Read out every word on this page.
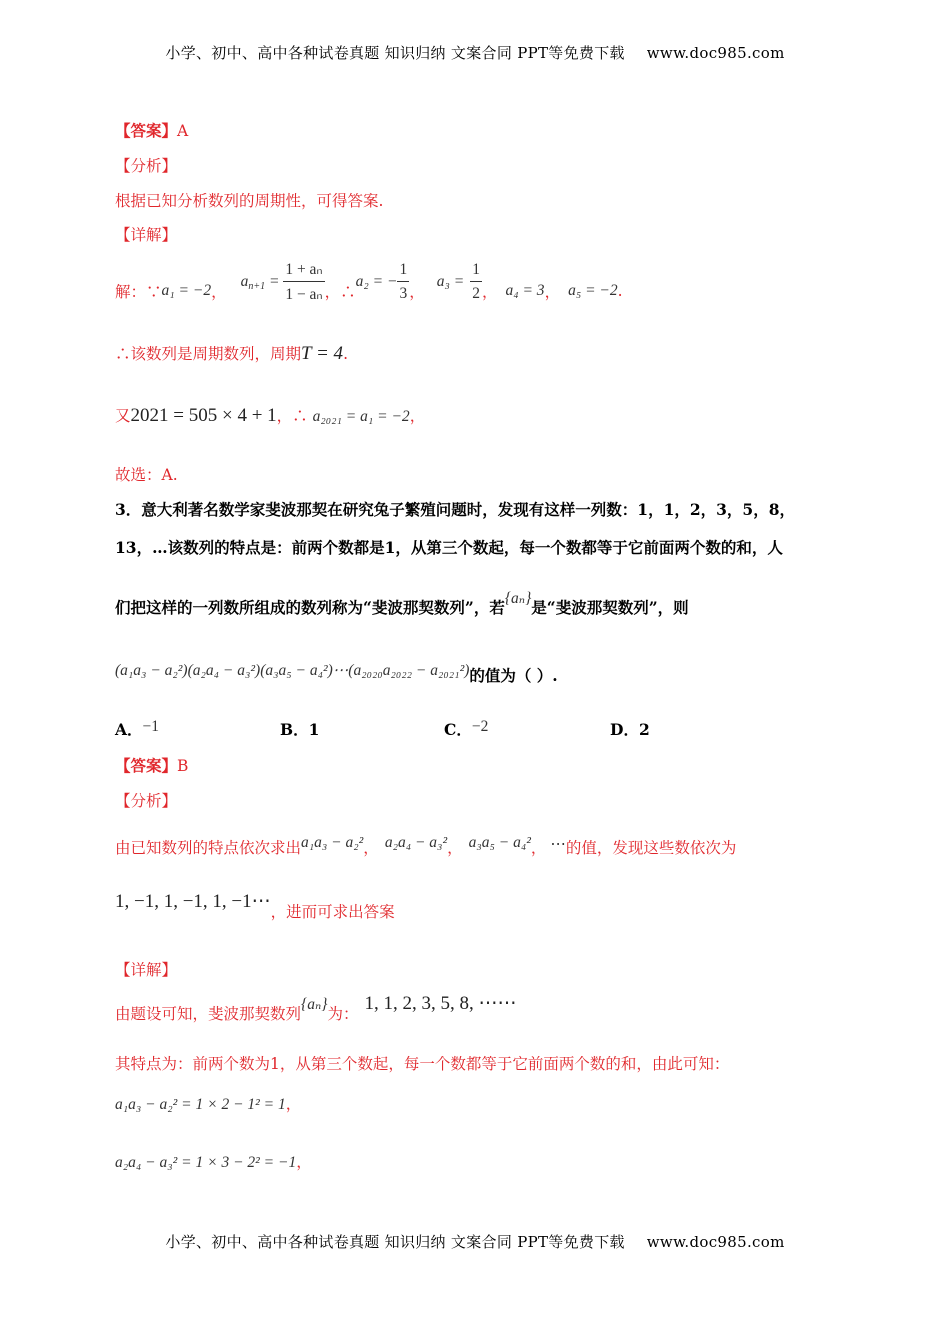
小学、初中、高中各种试卷真题 知识归纳 文案合同 PPT等免费下载 www.doc985.com
【答案】A
【分析】
根据已知分析数列的周期性，可得答案.
【详解】
解：∵ a₁ = −2 ，
$a_{n+1} = \frac{\text{1 + aₙ}}{\text{1 − aₙ}}$ ，∴
a₂ = − $\frac{1}{3}$ ，
$a_3 = \frac{1}{2}$ ， a₄ = 3 ， a₅ = −2 .
∴该数列是周期数列，周期T = 4.
又2021 = 505 × 4 + 1，∴ a₂₀₂₁ = a₁ = −2，
故选：A.
3．意大利著名数学家斐波那契在研究兔子繁殖问题时，发现有这样一列数：1，1，2，3，5，8，
13，…该数列的特点是：前两个数都是1，从第三个数起，每一个数都等于它前面两个数的和，人
们把这样的一列数所组成的数列称为“斐波那契数列”，若{aₙ}是“斐波那契数列”，则
(a₁a₃ − a₂²)(a₂a₄ − a₃²)(a₃a₅ − a₄²)⋯(a₂₀₂₀a₂₀₂₂ − a₂₀₂₁²)的值为（ ）.
A．−1	B．1	C．−2	D．2
【答案】B
【分析】
由已知数列的特点依次求出a₁a₃ − a₂²， a₂a₄ − a₃²， a₃a₅ − a₄²， ⋯的值，发现这些数依次为
1, −1, 1, −1, 1, −1⋯，进而可求出答案
【详解】
由题设可知，斐波那契数列{aₙ}为： 1, 1, 2, 3, 5, 8, ⋯⋯
其特点为：前两个数为1，从第三个数起，每一个数都等于它前面两个数的和，由此可知：
a₁a₃ − a₂² = 1 × 2 − 1² = 1，
a₂a₄ − a₃² = 1 × 3 − 2² = −1，
小学、初中、高中各种试卷真题 知识归纳 文案合同 PPT等免费下载 www.doc985.com
